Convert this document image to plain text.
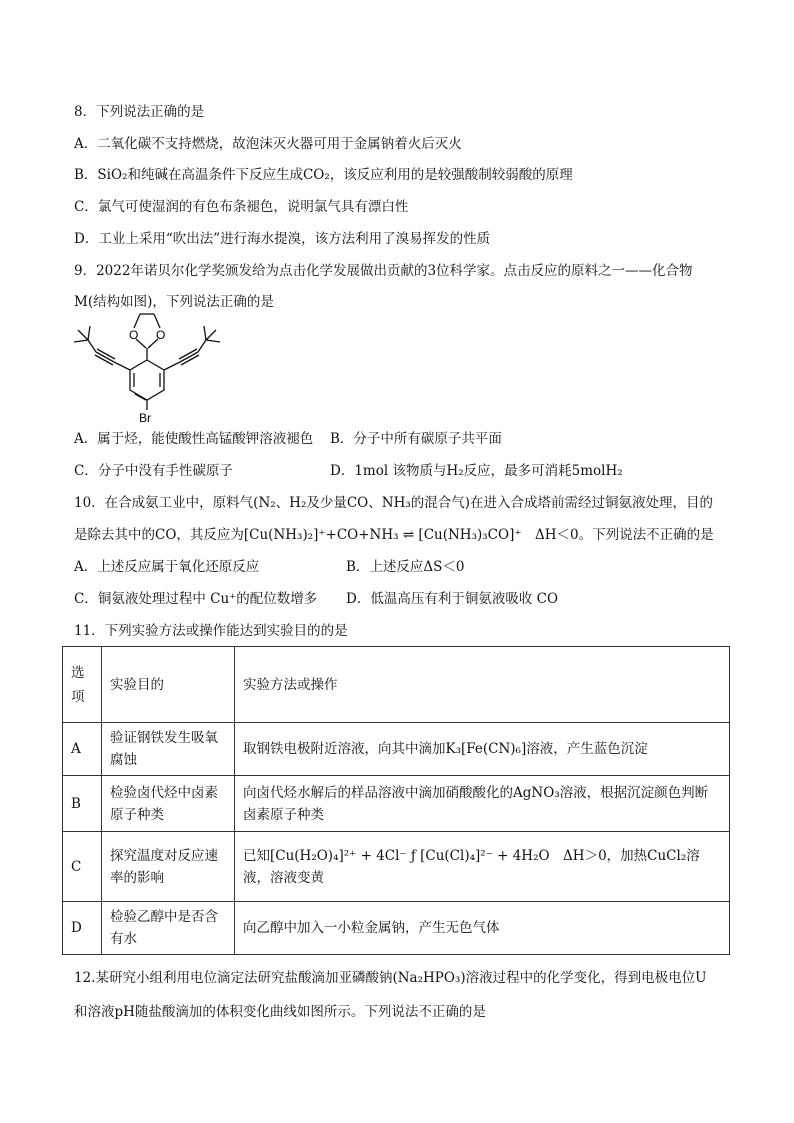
8．下列说法正确的是
A．二氧化碳不支持燃烧，故泡沫灭火器可用于金属钠着火后灭火
B．SiO₂和纯碱在高温条件下反应生成CO₂，该反应利用的是较强酸制较弱酸的原理
C．氯气可使湿润的有色布条褪色，说明氯气具有漂白性
D．工业上采用“吹出法”进行海水提溴，该方法利用了溴易挥发的性质
9．2022年诺贝尔化学奖颁发给为点击化学发展做出贡献的3位科学家。点击反应的原料之一——化合物
M(结构如图)，下列说法正确的是
O O
Br
A．属于烃，能使酸性高锰酸钾溶液褪色 B．分子中所有碳原子共平面
C．分子中没有手性碳原子	D．1mol 该物质与H₂反应，最多可消耗5molH₂
10．在合成氨工业中，原料气(N₂、H₂及少量CO、NH₃的混合气)在进入合成塔前需经过铜氨液处理，目的
是除去其中的CO，其反应为[Cu(NH₃)₂]⁺+CO+NH₃ ⇌ [Cu(NH₃)₃CO]⁺　ΔH＜0。下列说法不正确的是
A．上述反应属于氧化还原反应	B．上述反应ΔS＜0
C．铜氨液处理过程中 Cu⁺的配位数增多 D．低温高压有利于铜氨液吸收 CO
11．下列实验方法或操作能达到实验目的的是
选项	实验目的	实验方法或操作
A	验证钢铁发生吸氧腐蚀	取钢铁电极附近溶液，向其中滴加K₃[Fe(CN)₆]溶液，产生蓝色沉淀
B	检验卤代烃中卤素原子种类	向卤代烃水解后的样品溶液中滴加硝酸酸化的AgNO₃溶液，根据沉淀颜色判断卤素原子种类
C	探究温度对反应速率的影响	已知[Cu(H₂O)₄]²⁺ + 4Cl⁻ ƒ [Cu(Cl)₄]²⁻ + 4H₂O　ΔH＞0，加热CuCl₂溶液，溶液变黄
D	检验乙醇中是否含有水	向乙醇中加入一小粒金属钠，产生无色气体
12.某研究小组利用电位滴定法研究盐酸滴加亚磷酸钠(Na₂HPO₃)溶液过程中的化学变化，得到电极电位U
和溶液pH随盐酸滴加的体积变化曲线如图所示。下列说法不正确的是
